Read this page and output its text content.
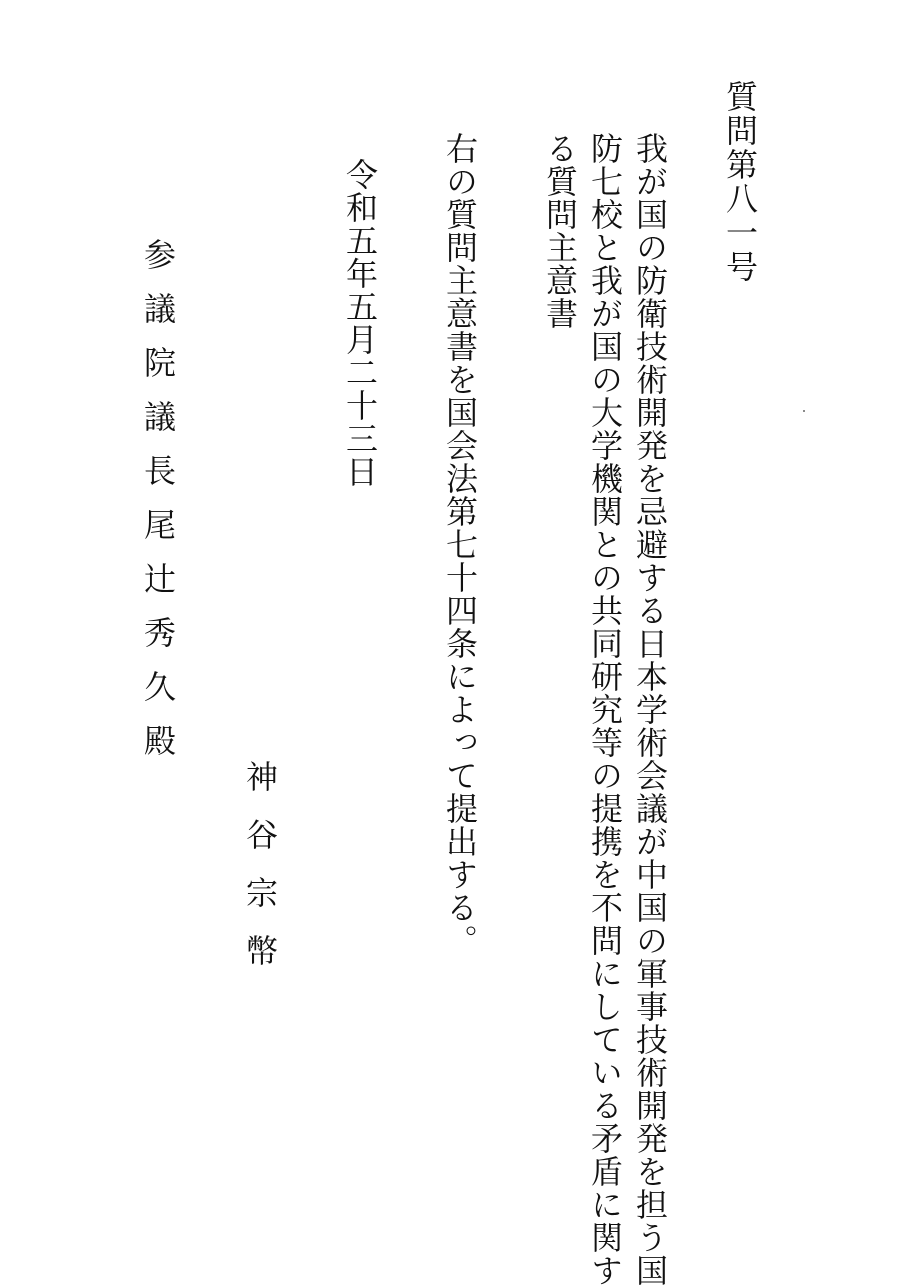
質問第八一号
我が国の防衛技術開発を忌避する日本学術会議が中国の軍事技術開発を担う国
防七校と我が国の大学機関との共同研究等の提携を不問にしている矛盾に関す
る質問主意書
右の質問主意書を国会法第七十四条によって提出する。
令和五年五月二十三日
神谷宗幣
参議院議長尾辻秀久殿
